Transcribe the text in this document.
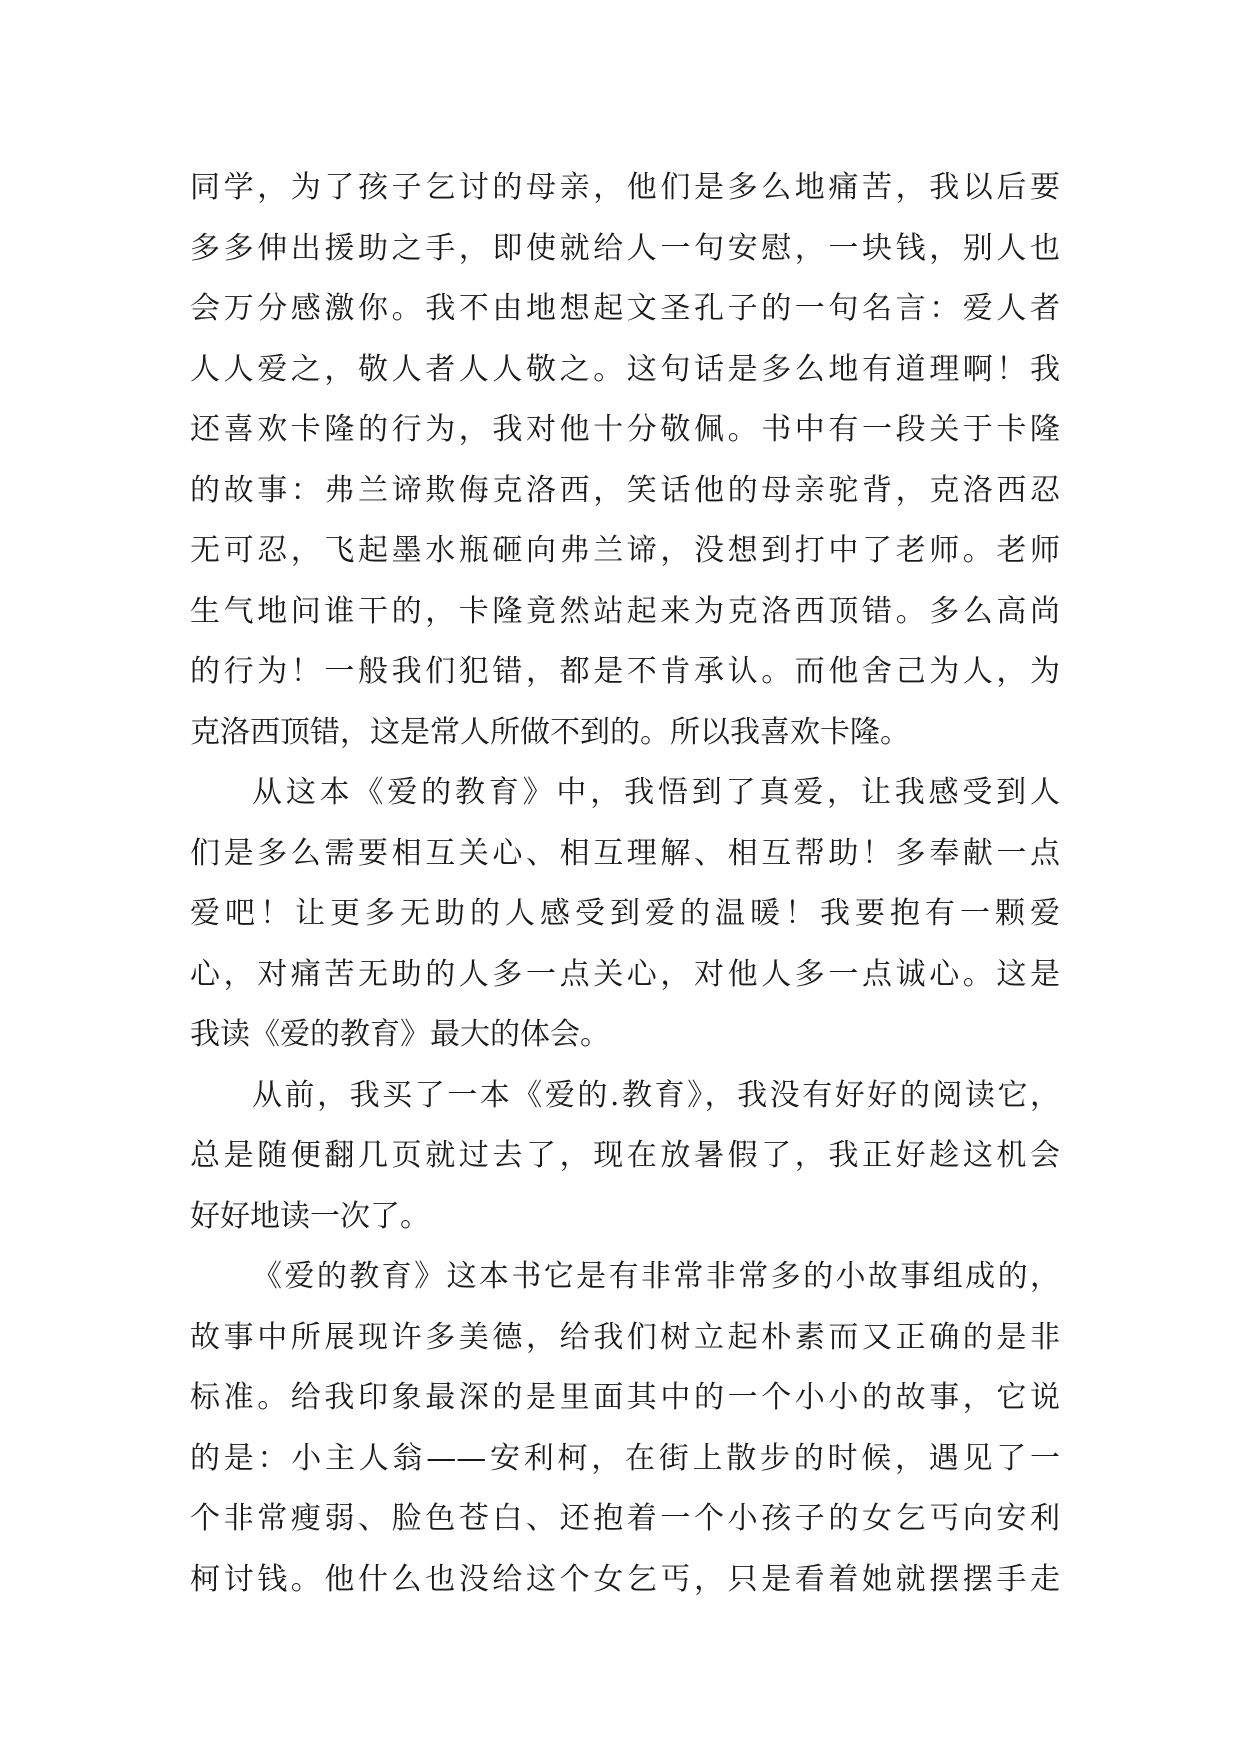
同学，为了孩子乞讨的母亲，他们是多么地痛苦，我以后要
多多伸出援助之手，即使就给人一句安慰，一块钱，别人也
会万分感激你。我不由地想起文圣孔子的一句名言：爱人者
人人爱之，敬人者人人敬之。这句话是多么地有道理啊！我
还喜欢卡隆的行为，我对他十分敬佩。书中有一段关于卡隆
的故事：弗兰谛欺侮克洛西，笑话他的母亲驼背，克洛西忍
无可忍，飞起墨水瓶砸向弗兰谛，没想到打中了老师。老师
生气地问谁干的，卡隆竟然站起来为克洛西顶错。多么高尚
的行为！一般我们犯错，都是不肯承认。而他舍己为人，为
克洛西顶错，这是常人所做不到的。所以我喜欢卡隆。
从这本《爱的教育》中，我悟到了真爱，让我感受到人
们是多么需要相互关心、相互理解、相互帮助！多奉献一点
爱吧！让更多无助的人感受到爱的温暖！我要抱有一颗爱
心，对痛苦无助的人多一点关心，对他人多一点诚心。这是
我读《爱的教育》最大的体会。
从前，我买了一本《爱的.教育》，我没有好好的阅读它，
总是随便翻几页就过去了，现在放暑假了，我正好趁这机会
好好地读一次了。
《爱的教育》这本书它是有非常非常多的小故事组成的，
故事中所展现许多美德，给我们树立起朴素而又正确的是非
标准。给我印象最深的是里面其中的一个小小的故事，它说
的是：小主人翁——安利柯，在街上散步的时候，遇见了一
个非常瘦弱、脸色苍白、还抱着一个小孩子的女乞丐向安利
柯讨钱。他什么也没给这个女乞丐，只是看着她就摆摆手走
